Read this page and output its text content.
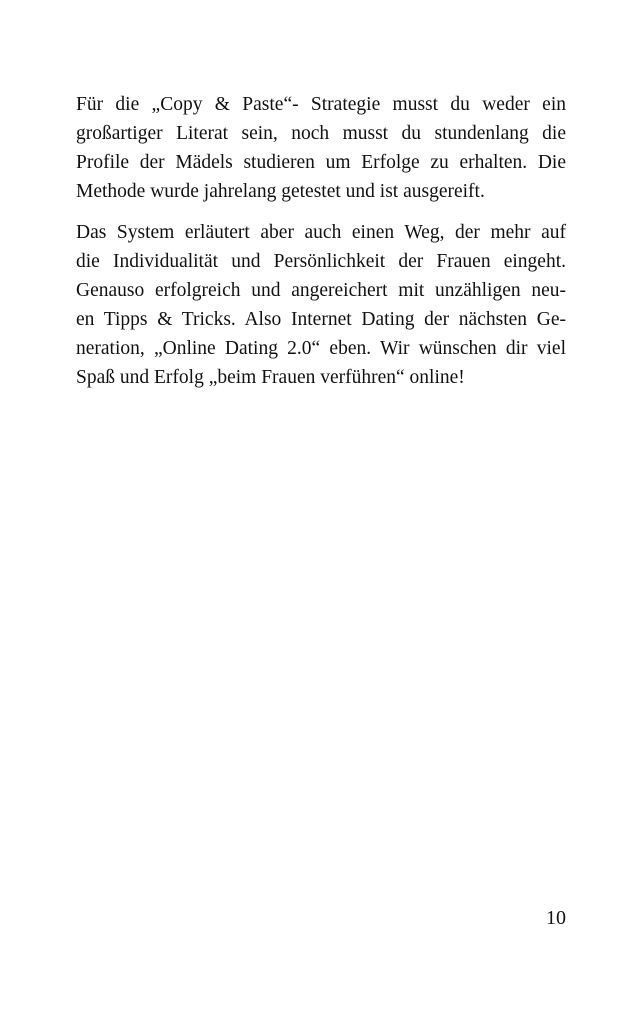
Für die „Copy & Paste“- Strategie musst du weder ein
großartiger Literat sein, noch musst du stundenlang die
Profile der Mädels studieren um Erfolge zu erhalten. Die
Methode wurde jahrelang getestet und ist ausgereift.

Das System erläutert aber auch einen Weg, der mehr auf
die Individualität und Persönlichkeit der Frauen eingeht.
Genauso erfolgreich und angereichert mit unzähligen neu-
en Tipps & Tricks. Also Internet Dating der nächsten Ge-
neration, „Online Dating 2.0“ eben. Wir wünschen dir viel
Spaß und Erfolg „beim Frauen verführen“ online!

10
